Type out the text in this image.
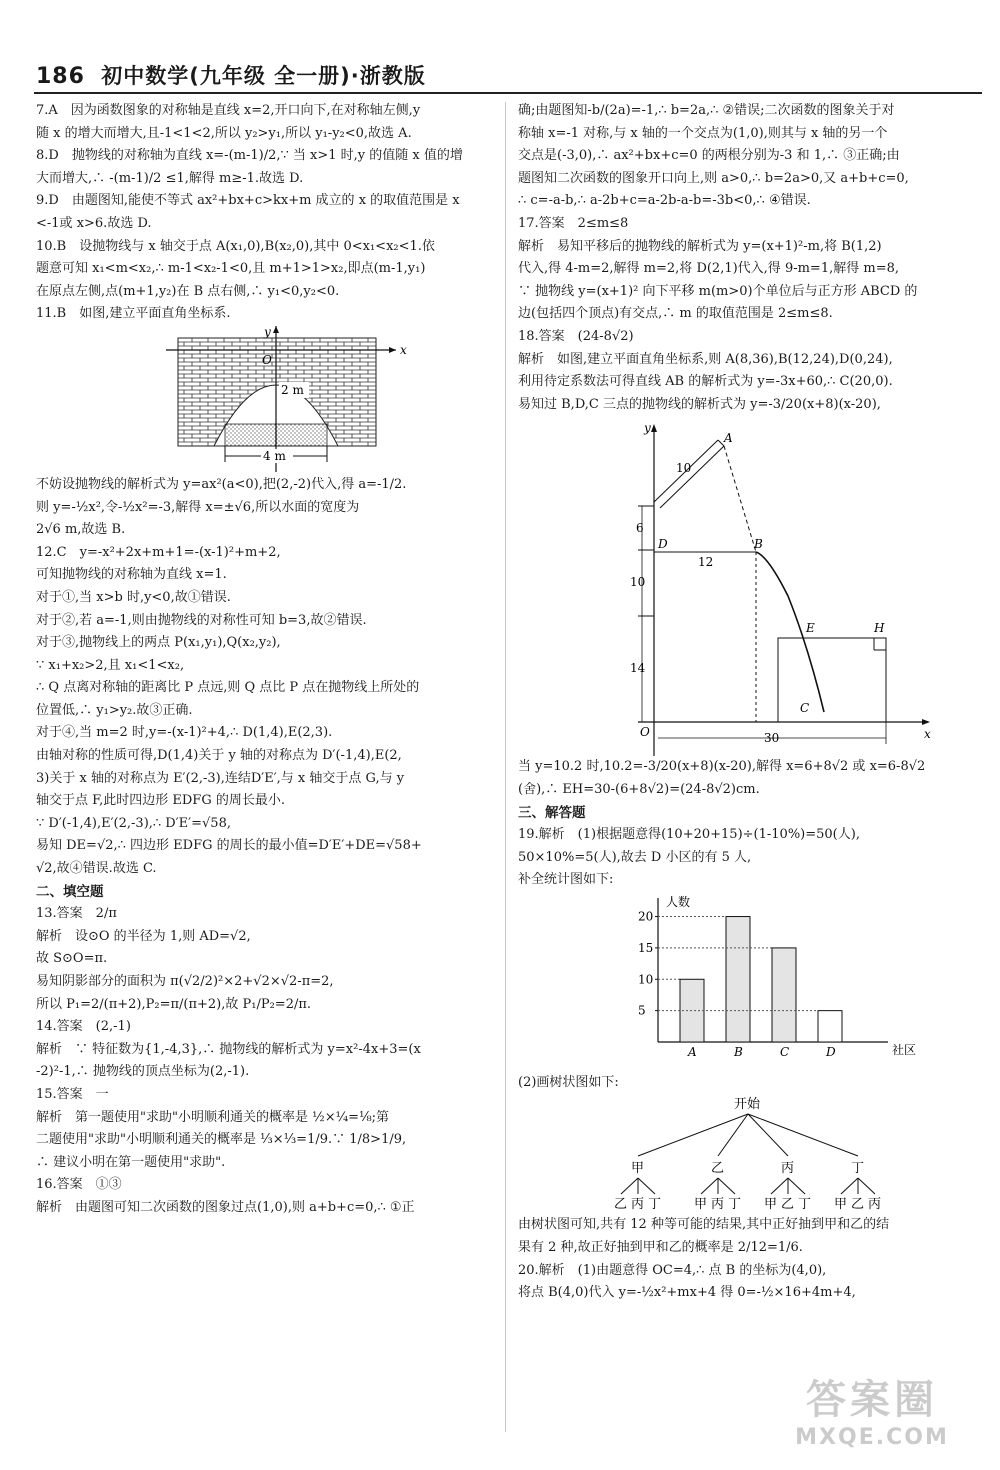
186 初中数学(九年级 全一册)·浙教版
7.A　因为函数图象的对称轴是直线 x=2,开口向下,在对称轴左侧,y
随 x 的增大而增大,且-1<1<2,所以 y₂>y₁,所以 y₁-y₂<0,故选 A.
8.D　抛物线的对称轴为直线 x=-(m-1)/2,∵ 当 x>1 时,y 的值随 x 值的增
大而增大,∴ -(m-1)/2 ≤1,解得 m≥-1.故选 D.
9.D　由题图知,能使不等式 ax²+bx+c>kx+m 成立的 x 的取值范围是 x
<-1或 x>6.故选 D.
10.B　设抛物线与 x 轴交于点 A(x₁,0),B(x₂,0),其中 0<x₁<x₂<1.依
题意可知 x₁<m<x₂,∴ m-1<x₂-1<0,且 m+1>1>x₂,即点(m-1,y₁)
在原点左侧,点(m+1,y₂)在 B 点右侧,∴ y₁<0,y₂<0.
11.B　如图,建立平面直角坐标系.
x
y
O
2 m
4 m
不妨设抛物线的解析式为 y=ax²(a<0),把(2,-2)代入,得 a=-1/2.
则 y=-½x²,令-½x²=-3,解得 x=±√6,所以水面的宽度为
2√6 m,故选 B.
12.C　y=-x²+2x+m+1=-(x-1)²+m+2,
可知抛物线的对称轴为直线 x=1.
对于①,当 x>b 时,y<0,故①错误.
对于②,若 a=-1,则由抛物线的对称性可知 b=3,故②错误.
对于③,抛物线上的两点 P(x₁,y₁),Q(x₂,y₂),
∵ x₁+x₂>2,且 x₁<1<x₂,
∴ Q 点离对称轴的距离比 P 点远,则 Q 点比 P 点在抛物线上所处的
位置低,∴ y₁>y₂.故③正确.
对于④,当 m=2 时,y=-(x-1)²+4,∴ D(1,4),E(2,3).
由轴对称的性质可得,D(1,4)关于 y 轴的对称点为 D′(-1,4),E(2,
3)关于 x 轴的对称点为 E′(2,-3),连结D′E′,与 x 轴交于点 G,与 y
轴交于点 F,此时四边形 EDFG 的周长最小.
∵ D′(-1,4),E′(2,-3),∴ D′E′=√58,
易知 DE=√2,∴ 四边形 EDFG 的周长的最小值=D′E′+DE=√58+
√2,故④错误.故选 C.
二、填空题
13.答案　2/π
解析　设⊙O 的半径为 1,则 AD=√2,
故 S⊙O=π.
易知阴影部分的面积为 π(√2/2)²×2+√2×√2-π=2,
所以 P₁=2/(π+2),P₂=π/(π+2),故 P₁/P₂=2/π.
14.答案　(2,-1)
解析　∵ 特征数为{1,-4,3},∴ 抛物线的解析式为 y=x²-4x+3=(x
-2)²-1,∴ 抛物线的顶点坐标为(2,-1).
15.答案　一
解析　第一题使用"求助"小明顺利通关的概率是 ½×¼=⅛;第
二题使用"求助"小明顺利通关的概率是 ⅓×⅓=1/9.∵ 1/8>1/9,
∴ 建议小明在第一题使用"求助".
16.答案　①③
解析　由题图可知二次函数的图象过点(1,0),则 a+b+c=0,∴ ①正
确;由题图知-b/(2a)=-1,∴ b=2a,∴ ②错误;二次函数的图象关于对
称轴 x=-1 对称,与 x 轴的一个交点为(1,0),则其与 x 轴的另一个
交点是(-3,0),∴ ax²+bx+c=0 的两根分别为-3 和 1,∴ ③正确;由
题图知二次函数的图象开口向上,则 a>0,∴ b=2a>0,又 a+b+c=0,
∴ c=-a-b,∴ a-2b+c=a-2b-a-b=-3b<0,∴ ④错误.
17.答案　2≤m≤8
解析　易知平移后的抛物线的解析式为 y=(x+1)²-m,将 B(1,2)
代入,得 4-m=2,解得 m=2,将 D(2,1)代入,得 9-m=1,解得 m=8,
∵ 抛物线 y=(x+1)² 向下平移 m(m>0)个单位后与正方形 ABCD 的
边(包括四个顶点)有交点,∴ m 的取值范围是 2≤m≤8.
18.答案　(24-8√2)
解析　如图,建立平面直角坐标系,则 A(8,36),B(12,24),D(0,24),
利用待定系数法可得直线 AB 的解析式为 y=-3x+60,∴ C(20,0).
易知过 B,D,C 三点的抛物线的解析式为 y=-3/20(x+8)(x-20),
y
A
10
6
D	B
12
10
E	H
14
C
O	30	x
当 y=10.2 时,10.2=-3/20(x+8)(x-20),解得 x=6+8√2 或 x=6-8√2
(舍),∴ EH=30-(6+8√2)=(24-8√2)cm.
三、解答题
19.解析　(1)根据题意得(10+20+15)÷(1-10%)=50(人),
50×10%=5(人),故去 D 小区的有 5 人,
补全统计图如下:
人数
社区
5
10
15
20
A	B	C	D
(2)画树状图如下:
开始
甲
乙 丙 丁
乙
甲 丙 丁
丙
甲 乙 丁
丁
甲 乙 丙
由树状图可知,共有 12 种等可能的结果,其中正好抽到甲和乙的结
果有 2 种,故正好抽到甲和乙的概率是 2/12=1/6.
20.解析　(1)由题意得 OC=4,∴ 点 B 的坐标为(4,0),
将点 B(4,0)代入 y=-½x²+mx+4 得 0=-½×16+4m+4,
答案圈
MXQE.COM
